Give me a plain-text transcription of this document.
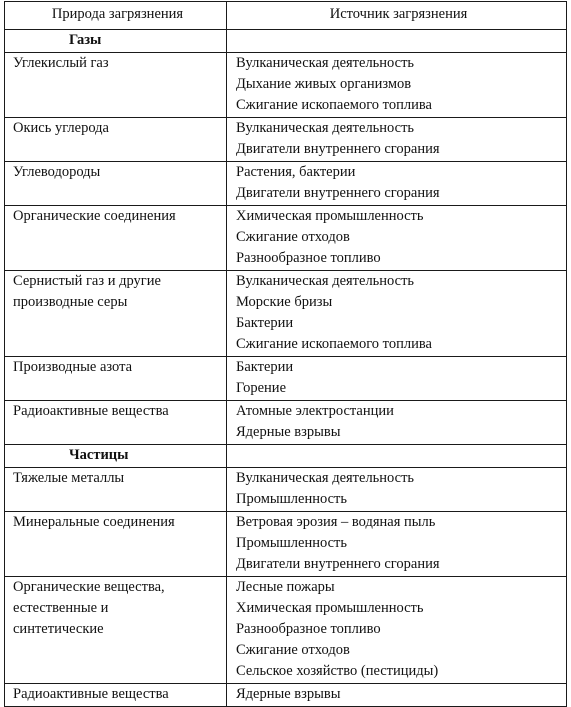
Природа загрязнения	Источник загрязнения
Газы	

Углекислый газ	Вулканическая деятельность
Дыхание живых организмов
Сжигание ископаемого топлива

Окись углерода	Вулканическая деятельность
Двигатели внутреннего сгорания

Углеводороды	Растения, бактерии
Двигатели внутреннего сгорания

Органические соединения	Химическая промышленность
Сжигание отходов
Разнообразное топливо

Сернистый газ и другие
производные серы	Вулканическая деятельность
Морские бризы
Бактерии
Сжигание ископаемого топлива

Производные азота	Бактерии
Горение

Радиоактивные вещества	Атомные электростанции
Ядерные взрывы

Частицы	

Тяжелые металлы	Вулканическая деятельность
Промышленность

Минеральные соединения	Ветровая эрозия – водяная пыль
Промышленность
Двигатели внутреннего сгорания

Органические вещества,
естественные и
синтетические	Лесные пожары
Химическая промышленность
Разнообразное топливо
Сжигание отходов
Сельское хозяйство (пестициды)

Радиоактивные вещества	Ядерные взрывы
